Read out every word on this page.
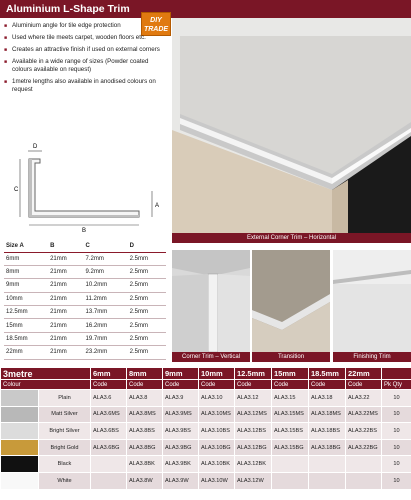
Aluminium L-Shape Trim
DIY
TRADE
■ Aluminium angle for tile edge protection
■ Used where tile meets carpet, wooden floors etc.
■ Creates an attractive finish if used on external corners
■ Available in a wide range of sizes (Powder coated colours available on request)
■ 1metre lengths also available in anodised colours on request
D
C
A
B
External Corner Trim – Horizontal
Corner Trim – Vertical	Transition	Finishing Trim
Size A	B	C	D
6mm	21mm	7.2mm	2.5mm
8mm	21mm	9.2mm	2.5mm
9mm	21mm	10.2mm	2.5mm
10mm	21mm	11.2mm	2.5mm
12.5mm	21mm	13.7mm	2.5mm
15mm	21mm	16.2mm	2.5mm
18.5mm	21mm	19.7mm	2.5mm
22mm	21mm	23.2mm	2.5mm
3metre		6mm	8mm	9mm	10mm	12.5mm	15mm	18.5mm	22mm	
Colour		Code	Code	Code	Code	Code	Code	Code	Code	Pk Qty
	Plain	ALA3.6	ALA3.8	ALA3.9	ALA3.10	ALA3.12	ALA3.15	ALA3.18	ALA3.22	10
	Matt Silver	ALA3.6MS	ALA3.8MS	ALA3.9MS	ALA3.10MS	ALA3.12MS	ALA3.15MS	ALA3.18MS	ALA3.22MS	10
	Bright Silver	ALA3.6BS	ALA3.8BS	ALA3.9BS	ALA3.10BS	ALA3.12BS	ALA3.15BS	ALA3.18BS	ALA3.22BS	10
	Bright Gold	ALA3.6BG	ALA3.8BG	ALA3.9BG	ALA3.10BG	ALA3.12BG	ALA3.15BG	ALA3.18BG	ALA3.22BG	10
	Black		ALA3.8BK	ALA3.9BK	ALA3.10BK	ALA3.12BK				10
	White		ALA3.8W	ALA3.9W	ALA3.10W	ALA3.12W				10
